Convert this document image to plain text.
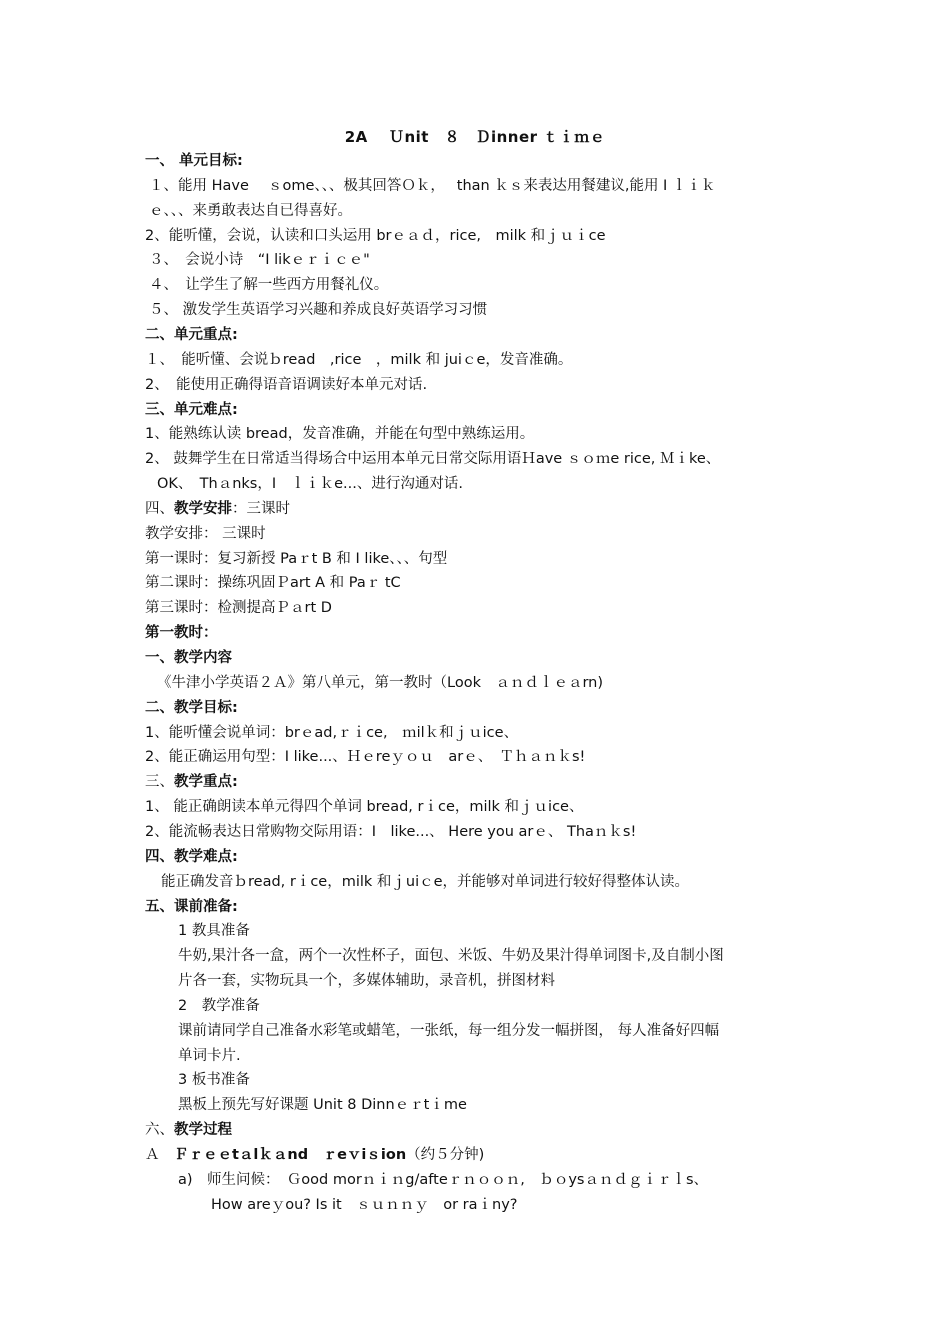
2A　 Ｕnit　８　Ｄinner ｔｉｍｅ
一、 单元目标:
１、能用 Have　 ｓome、、、极其回答Ｏｋ，　 than ｋｓ来表达用餐建议,能用 I ｌｉｋ
ｅ、、、来勇敢表达自已得喜好。
2、能听懂，会说，认读和口头运用 brｅａｄ，rice,　milk 和ｊｕｉce
３、　会说小诗　“I likｅｒｉｃｅ"
４、　让学生了解一些西方用餐礼仪。
５、 激发学生英语学习兴趣和养成良好英语学习习惯
二、单元重点:
１、　能听懂、会说ｂread　,rice　，milk 和 juiｃe，发音准确。
2、　能使用正确得语音语调读好本单元对话.
三、单元难点:
1、能熟练认读 bread，发音准确，并能在句型中熟练运用。
2、 鼓舞学生在日常适当得场合中运用本单元日常交际用语Ｈave ｓｏｍe rice, Ｍｉke、
OK、　Thａnks，I　ｌｉｋe...、进行沟通对话.
四、教学安排：三课时
教学安排： 三课时
第一课时：复习新授 Paｒt B 和 I like、、、句型
第二课时：操练巩固Ｐart A 和 Paｒ tC
第三课时：检测提高Ｐａrt D
第一教时：
一、教学内容
《牛津小学英语２Ａ》第八单元，第一教时（Look　ａｎｄｌｅａrn)
二、教学目标:
1、能听懂会说单词：brｅad,ｒｉce,　ｍilｋ和ｊｕice、
2、能正确运用句型：I like...、Ｈｅreｙｏｕ　arｅ、　Ｔｈａｎｋs!
三、教学重点:
1、 能正确朗读本单元得四个单词 bread, rｉce，milk 和ｊｕice、
2、能流畅表达日常购物交际用语：I　like...、 Here you arｅ、 Thaｎｋs!
四、教学难点:
能正确发音ｂread, rｉce，milk 和ｊuiｃe，并能够对单词进行较好得整体认读。
五、课前准备:
1 教具准备
牛奶,果汁各一盒，两个一次性杯子，面包、米饭、牛奶及果汁得单词图卡,及自制小图
片各一套，实物玩具一个，多媒体辅助，录音机，拼图材料
2　教学准备
课前请同学自己准备水彩笔或蜡笔，一张纸，每一组分发一幅拼图， 每人准备好四幅
单词卡片.
3 板书准备
黑板上预先写好课题 Unit 8 Dinnｅｒtｉme
六、教学过程
Ａ　Ｆｒｅｅtａlｋａnd　ｒeｖiｓion（约５分钟)
a)　师生问候：　Ｇood morｎｉｎg/afteｒｎｏｏｎ,　ｂｏysａｎｄｇｉｒｌs、
How areｙou? Is it　ｓｕｎｎｙ　or raｉny?
